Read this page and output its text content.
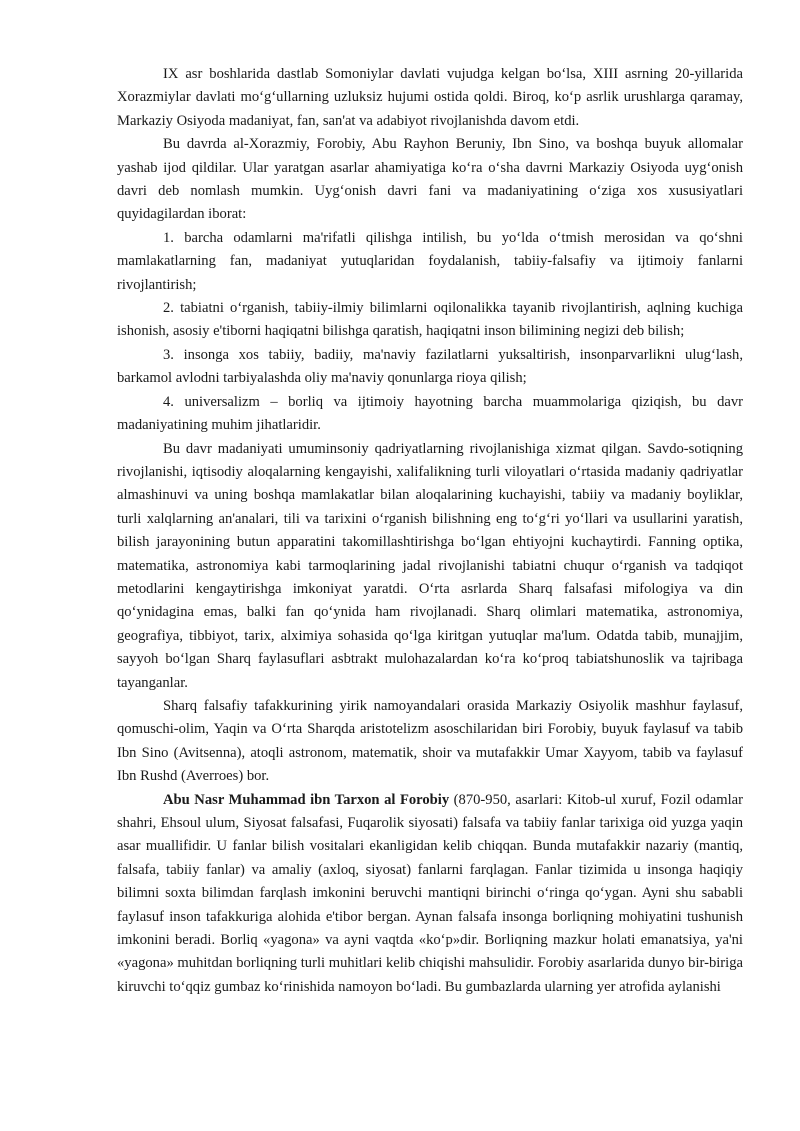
IX asr boshlarida dastlab Somoniylar davlati vujudga kelgan bo‘lsa, XIII asrning 20-yillarida Xorazmiylar davlati mo‘g‘ullarning uzluksiz hujumi ostida qoldi. Biroq, ko‘p asrlik urushlarga qaramay, Markaziy Osiyoda madaniyat, fan, san'at va adabiyot rivojlanishda davom etdi.

Bu davrda al-Xorazmiy, Forobiy, Abu Rayhon Beruniy, Ibn Sino, va boshqa buyuk allomalar yashab ijod qildilar. Ular yaratgan asarlar ahamiyatiga ko‘ra o‘sha davrni Markaziy Osiyoda uyg‘onish davri deb nomlash mumkin. Uyg‘onish davri fani va madaniyatining o‘ziga xos xususiyatlari quyidagilardan iborat:

1. barcha odamlarni ma'rifatli qilishga intilish, bu yo‘lda o‘tmish merosidan va qo‘shni mamlakatlarning fan, madaniyat yutuqlaridan foydalanish, tabiiy-falsafiy va ijtimoiy fanlarni rivojlantirish;

2. tabiatni o‘rganish, tabiiy-ilmiy bilimlarni oqilonalikka tayanib rivojlantirish, aqlning kuchiga ishonish, asosiy e'tiborni haqiqatni bilishga qaratish, haqiqatni inson bilimining negizi deb bilish;

3. insonga xos tabiiy, badiiy, ma'naviy fazilatlarni yuksaltirish, insonparvarlikni ulug‘lash, barkamol avlodni tarbiyalashda oliy ma'naviy qonunlarga rioya qilish;

4. universalizm – borliq va ijtimoiy hayotning barcha muammolariga qiziqish, bu davr madaniyatining muhim jihatlaridir.

Bu davr madaniyati umuminsoniy qadriyatlarning rivojlanishiga xizmat qilgan. Savdo-sotiqning rivojlanishi, iqtisodiy aloqalarning kengayishi, xalifalikning turli viloyatlari o‘rtasida madaniy qadriyatlar almashinuvi va uning boshqa mamlakatlar bilan aloqalarining kuchayishi, tabiiy va madaniy boyliklar, turli xalqlarning an'analari, tili va tarixini o‘rganish bilishning eng to‘g‘ri yo‘llari va usullarini yaratish, bilish jarayonining butun apparatini takomillashtirishga bo‘lgan ehtiyojni kuchaytirdi. Fanning optika, matematika, astronomiya kabi tarmoqlarining jadal rivojlanishi tabiatni chuqur o‘rganish va tadqiqot metodlarini kengaytirishga imkoniyat yaratdi. O‘rta asrlarda Sharq falsafasi mifologiya va din qo‘ynidagina emas, balki fan qo‘ynida ham rivojlanadi. Sharq olimlari matematika, astronomiya, geografiya, tibbiyot, tarix, alximiya sohasida qo‘lga kiritgan yutuqlar ma'lum. Odatda tabib, munajjim, sayyoh bo‘lgan Sharq faylasuflari asbtrakt mulohazalardan ko‘ra ko‘proq tabiatshunoslik va tajribaga tayanganlar.

Sharq falsafiy tafakkurining yirik namoyandalari orasida Markaziy Osiyolik mashhur faylasuf, qomuschi-olim, Yaqin va O‘rta Sharqda aristotelizm asoschilaridan biri Forobiy, buyuk faylasuf va tabib Ibn Sino (Avitsenna), atoqli astronom, matematik, shoir va mutafakkir Umar Xayyom, tabib va faylasuf Ibn Rushd (Averroes) bor.

Abu Nasr Muhammad ibn Tarxon al Forobiy (870-950, asarlari: Kitob-ul xuruf, Fozil odamlar shahri, Ehsoul ulum, Siyosat falsafasi, Fuqarolik siyosati) falsafa va tabiiy fanlar tarixiga oid yuzga yaqin asar muallifidir. U fanlar bilish vositalari ekanligidan kelib chiqqan. Bunda mutafakkir nazariy (mantiq, falsafa, tabiiy fanlar) va amaliy (axloq, siyosat) fanlarni farqlagan. Fanlar tizimida u insonga haqiqiy bilimni soxta bilimdan farqlash imkonini beruvchi mantiqni birinchi o‘ringa qo‘ygan. Ayni shu sababli faylasuf inson tafakkuriga alohida e'tibor bergan. Aynan falsafa insonga borliqning mohiyatini tushunish imkonini beradi. Borliq «yagona» va ayni vaqtda «ko‘p»dir. Borliqning mazkur holati emanatsiya, ya'ni «yagona» muhitdan borliqning turli muhitlari kelib chiqishi mahsulidir. Forobiy asarlarida dunyo bir-biriga kiruvchi to‘qqiz gumbaz ko‘rinishida namoyon bo‘ladi. Bu gumbazlarda ularning yer atrofida aylanishi
